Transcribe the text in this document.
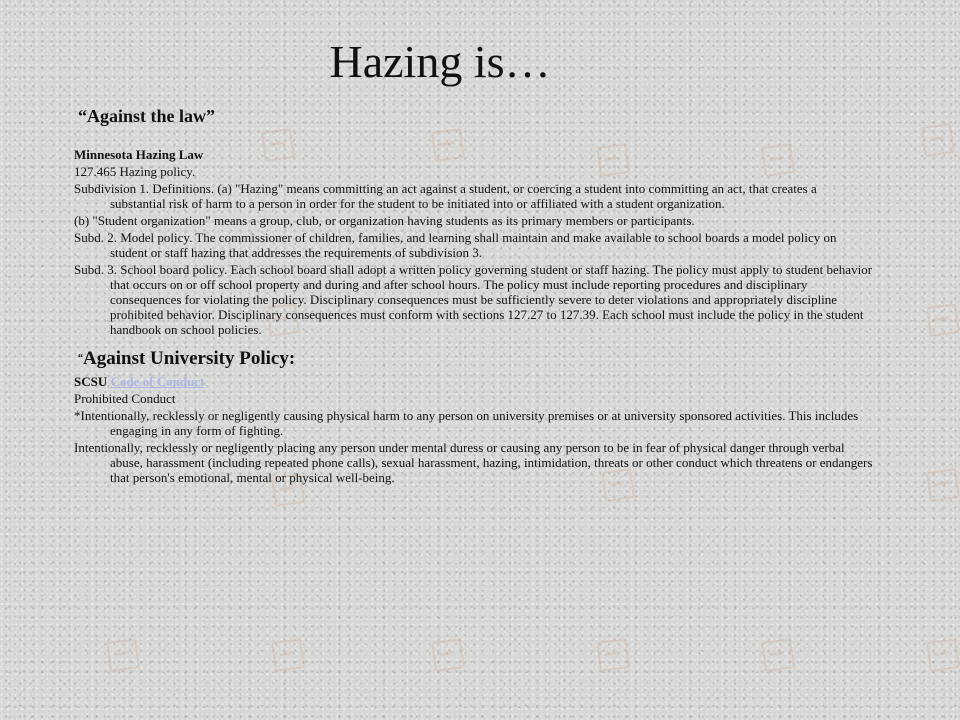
Hazing is…
“Against the law”
Minnesota Hazing Law
127.465 Hazing policy.
Subdivision 1. Definitions. (a) "Hazing" means committing an act against a student, or coercing a student into committing an act, that creates a substantial risk of harm to a person in order for the student to be initiated into or affiliated with a student organization.
(b) "Student organization" means a group, club, or organization having students as its primary members or participants.
Subd. 2. Model policy. The commissioner of children, families, and learning shall maintain and make available to school boards a model policy on student or staff hazing that addresses the requirements of subdivision 3.
Subd. 3. School board policy. Each school board shall adopt a written policy governing student or staff hazing. The policy must apply to student behavior that occurs on or off school property and during and after school hours. The policy must include reporting procedures and disciplinary consequences for violating the policy. Disciplinary consequences must be sufficiently severe to deter violations and appropriately discipline prohibited behavior. Disciplinary consequences must conform with sections 127.27 to 127.39. Each school must include the policy in the student handbook on school policies.
“Against University Policy:
SCSU Code of Conduct
Prohibited Conduct
*Intentionally, recklessly or negligently causing physical harm to any person on university premises or at university sponsored activities. This includes engaging in any form of fighting.
Intentionally, recklessly or negligently placing any person under mental duress or causing any person to be in fear of physical danger through verbal abuse, harassment (including repeated phone calls), sexual harassment, hazing, intimidation, threats or other conduct which threatens or endangers that person's emotional, mental or physical well-being.
